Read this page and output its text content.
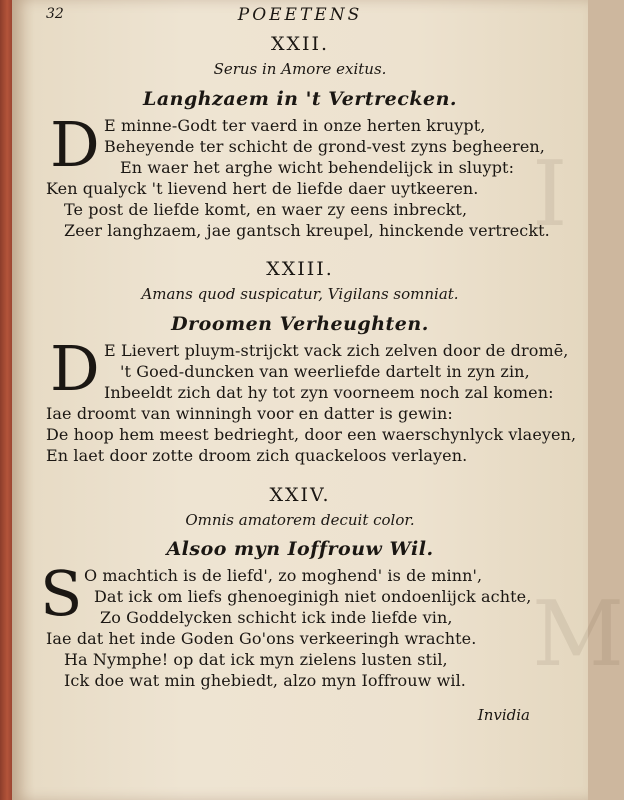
I
M
32	POEETENS
XXII.
Serus in Amore exitus.
Langhzaem in 't Vertrecken.
D E minne-Godt ter vaerd in onze herten kruypt,
Beheyende ter schicht de grond-vest zyns begheeren,
En waer het arghe wicht behendelijck in sluypt:
Ken qualyck 't lievend hert de liefde daer uytkeeren.
Te post de liefde komt, en waer zy eens inbreckt,
Zeer langhzaem, jae gantsch kreupel, hinckende vertreckt.
XXIII.
Amans quod suspicatur, Vigilans somniat.
Droomen Verheughten.
D E Lievert pluym-strijckt vack zich zelven door de dromē,
't Goed-duncken van weerliefde dartelt in zyn zin,
Inbeeldt zich dat hy tot zyn voorneem noch zal komen:
Iae droomt van winningh voor en datter is gewin:
De hoop hem meest bedrieght, door een waerschynlyck vlaeyen,
En laet door zotte droom zich quackeloos verlayen.
XXIV.
Omnis amatorem decuit color.
Alsoo myn Ioffrouw Wil.
S O machtich is de liefd', zo moghend' is de minn',
Dat ick om liefs ghenoeginigh niet ondoenlijck achte,
Zo Goddelycken schicht ick inde liefde vin,
Iae dat het inde Goden Go'ons verkeeringh wrachte.
Ha Nymphe! op dat ick myn zielens lusten stil,
Ick doe wat min ghebiedt, alzo myn Ioffrouw wil.
Invidia
